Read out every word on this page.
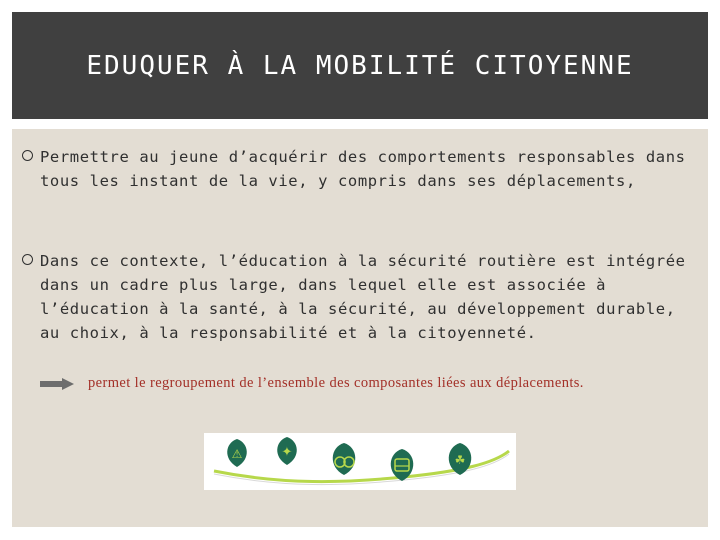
EDUQUER À LA MOBILITÉ CITOYENNE
Permettre au jeune d’acquérir des comportements responsables dans tous les instant de la vie, y compris dans ses déplacements,
Dans ce contexte, l’éducation à la sécurité routière est intégrée dans un cadre plus large, dans lequel elle est associée à l’éducation à la santé, à la sécurité, au développement durable, au choix, à la responsabilité et à la citoyenneté.
permet le regroupement de l’ensemble des composantes liées aux déplacements.
⚠	✦	☘
